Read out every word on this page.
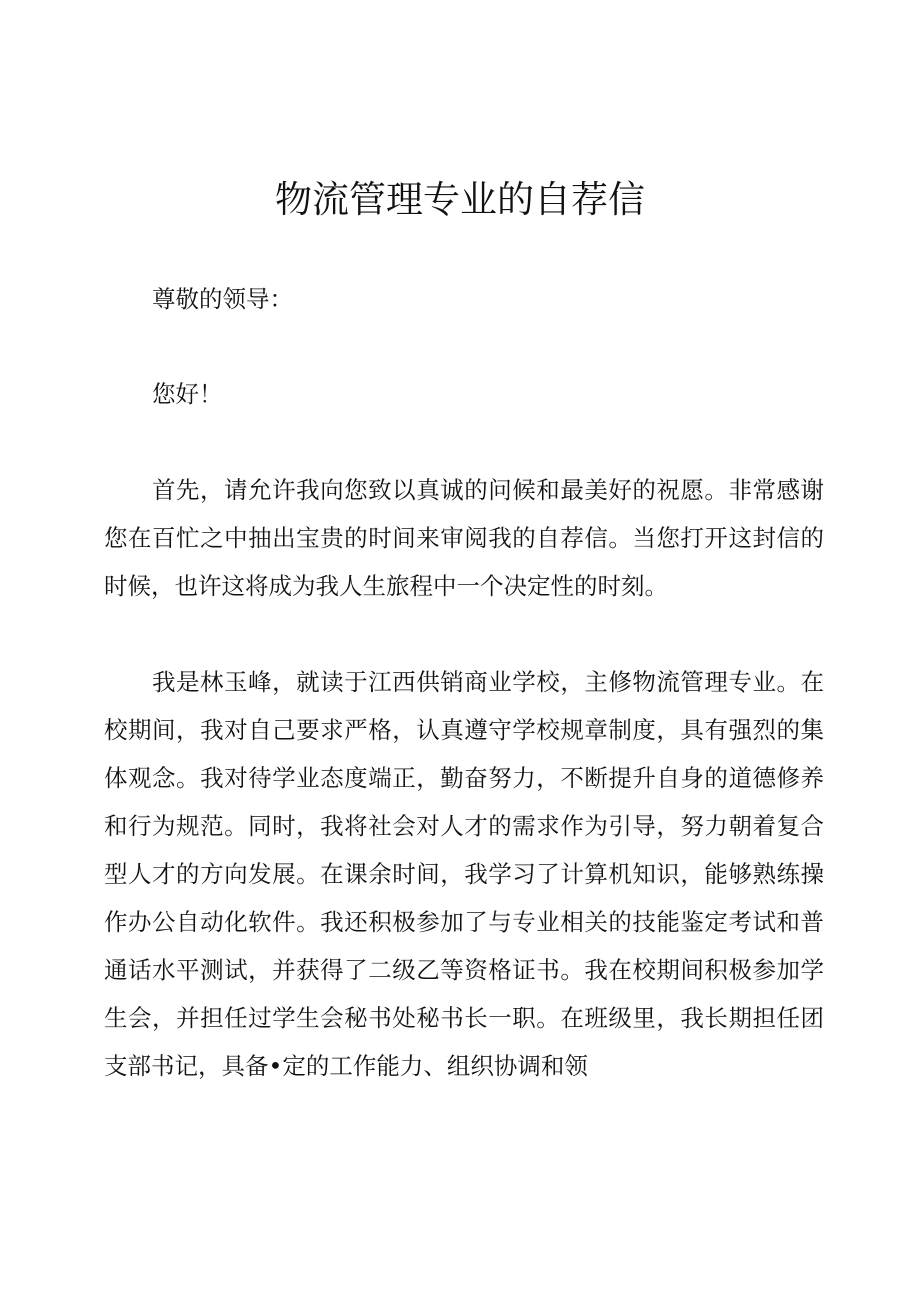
物流管理专业的自荐信

尊敬的领导：

您好！

首先，请允许我向您致以真诚的问候和最美好的祝愿。非常感谢您在百忙之中抽出宝贵的时间来审阅我的自荐信。当您打开这封信的时候，也许这将成为我人生旅程中一个决定性的时刻。

我是林玉峰，就读于江西供销商业学校，主修物流管理专业。在校期间，我对自己要求严格，认真遵守学校规章制度，具有强烈的集体观念。我对待学业态度端正，勤奋努力，不断提升自身的道德修养和行为规范。同时，我将社会对人才的需求作为引导，努力朝着复合型人才的方向发展。在课余时间，我学习了计算机知识，能够熟练操作办公自动化软件。我还积极参加了与专业相关的技能鉴定考试和普通话水平测试，并获得了二级乙等资格证书。我在校期间积极参加学生会，并担任过学生会秘书处秘书长一职。在班级里，我长期担任团支部书记，具备•定的工作能力、组织协调和领
